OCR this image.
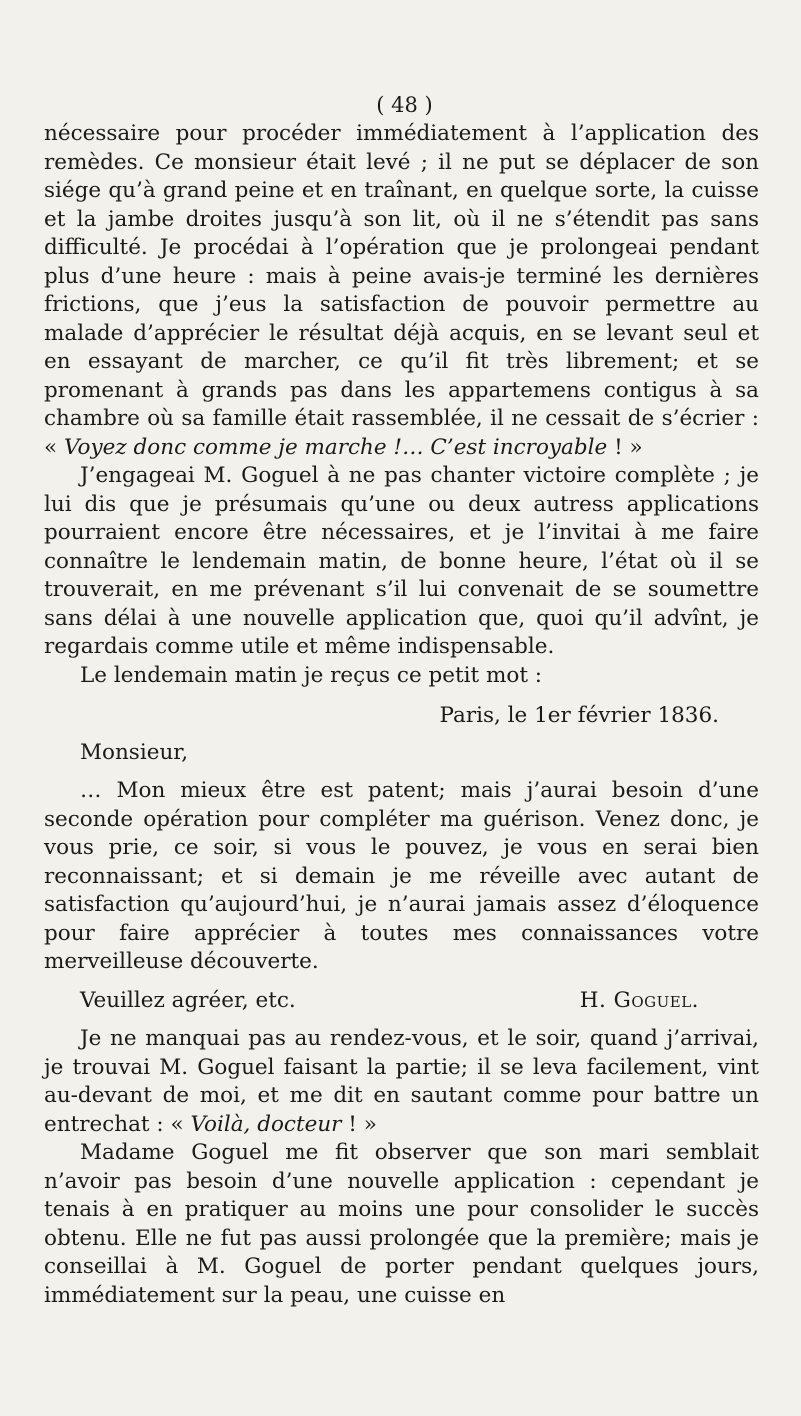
( 48 )

nécessaire pour procéder immédiatement à l’application des remèdes. Ce monsieur était levé ; il ne put se déplacer de son siége qu’à grand peine et en traînant, en quelque sorte, la cuisse et la jambe droites jusqu’à son lit, où il ne s’étendit pas sans difficulté. Je procédai à l’opération que je prolongeai pendant plus d’une heure : mais à peine avais-je terminé les dernières frictions, que j’eus la satisfaction de pouvoir permettre au malade d’apprécier le résultat déjà acquis, en se levant seul et en essayant de marcher, ce qu’il fit très librement; et se promenant à grands pas dans les appartemens contigus à sa chambre où sa famille était rassemblée, il ne cessait de s’écrier : « Voyez donc comme je marche !… C’est incroyable ! »

J’engageai M. Goguel à ne pas chanter victoire complète ; je lui dis que je présumais qu’une ou deux autress applications pourraient encore être nécessaires, et je l’invitai à me faire connaître le lendemain matin, de bonne heure, l’état où il se trouverait, en me prévenant s’il lui convenait de se soumettre sans délai à une nouvelle application que, quoi qu’il advînt, je regardais comme utile et même indispensable.

Le lendemain matin je reçus ce petit mot :

Paris, le 1er février 1836.
Monsieur,

… Mon mieux être est patent; mais j’aurai besoin d’une seconde opération pour compléter ma guérison. Venez donc, je vous prie, ce soir, si vous le pouvez, je vous en serai bien reconnaissant; et si demain je me réveille avec autant de satisfaction qu’aujourd’hui, je n’aurai jamais assez d’éloquence pour faire apprécier à toutes mes connaissances votre merveilleuse découverte.

Veuillez agréer, etc.	H. Goguel.

Je ne manquai pas au rendez-vous, et le soir, quand j’arrivai, je trouvai M. Goguel faisant la partie; il se leva facilement, vint au-devant de moi, et me dit en sautant comme pour battre un entrechat : « Voilà, docteur ! »

Madame Goguel me fit observer que son mari semblait n’avoir pas besoin d’une nouvelle application : cependant je tenais à en pratiquer au moins une pour consolider le succès obtenu. Elle ne fut pas aussi prolongée que la première; mais je conseillai à M. Goguel de porter pendant quelques jours, immédiatement sur la peau, une cuisse en
